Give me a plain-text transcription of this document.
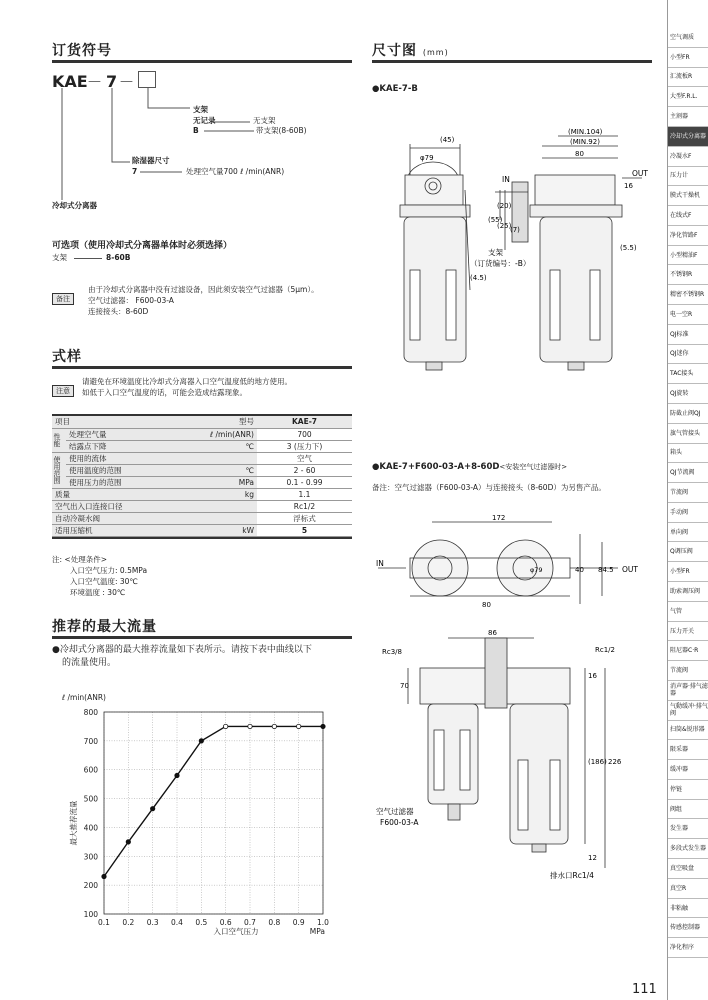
订货符号
KAE — 7 —
支架
无记录	无支架
B	带支架(8-60B)
除湿器尺寸
7	处理空气量700 ℓ /min(ANR)
冷却式分离器
可选项（使用冷却式分离器单体时必须选择）
支架	8-60B
备注
由于冷却式分离器中没有过滤设备，因此须安装空气过滤器（5μm）。
空气过滤器： F600-03-A
连接接头：8-60D
式样
注意
请避免在环境温度比冷却式分离器入口空气温度低的地方使用。
如低于入口空气温度的话，可能会造成结露现象。
项目		型号	KAE-7

性能	处理空气量	ℓ /min(ANR)	700
	结露点下降	℃	3 (压力下)

使用范围	使用的流体		空气
	使用温度的范围	℃	2 - 60
	使用压力的范围	MPa	0.1 - 0.99
质量		kg	1.1
空气出入口连接口径			Rc1/2
自动冷凝水阀			浮标式
适用压缩机		kW	5
注: <处理条件>
入口空气压力: 0.5MPa
入口空气温度: 30℃
环境温度 : 30℃
推荐的最大流量
●冷却式分离器的最大推荐流量如下表所示。请按下表中曲线以下
的流量使用。
ℓ /min(ANR)
最大推荐流量
入口空气压力	MPa
0.1 0.2 0.3 0.4 0.5 0.6 0.7 0.8 0.9 1.0
100
200
300
400
500
600
700
800
尺寸图 (mm)
●KAE-7-B
(45)
φ79
(MIN.104)
(MIN.92)
80
IN
OUT
16
(55)
(20)
(25)
(7)
(5.5)
(4.5)
支架
（订货编号：-B）
●KAE-7+F600-03-A+8-60D<安装空气过滤器时>
备注：空气过滤器（F600-03-A）与连接接头（8-60D）为另售产品。
172
φ79	40 84.5
80
86
Rc3/8	Rc1/2
70
16
(186) 226
12
IN
OUT
空气过滤器
F600-03-A
排水口Rc1/4
空气调质
小型FR
汇流板R
大型F.R.L.
主割器
冷却式分离器
冷凝水F
压力计
膜式干燥机
在线式F
净化管路F
小型精油F
不锈钢R
精密不锈钢R
电一空R
QJ标准
QJ迷你
TAC接头
QJ旋转
防截止阀QJ
旗气管接头
箱头
QJ节流阀
节流阀
手动阀
单向阀
Q调压阀
小型FR
助索调压阀
气管
压力开关
阻尼器C·R
节流阀
消声器·排气滤器
气動缓冲·排气阀
扫筒&锐形器
限采器
缓冲器
停链
阀组
发生器
多段式发生器
真空吸盘
真空R
非粘触
传感控制器
净化程序
111
